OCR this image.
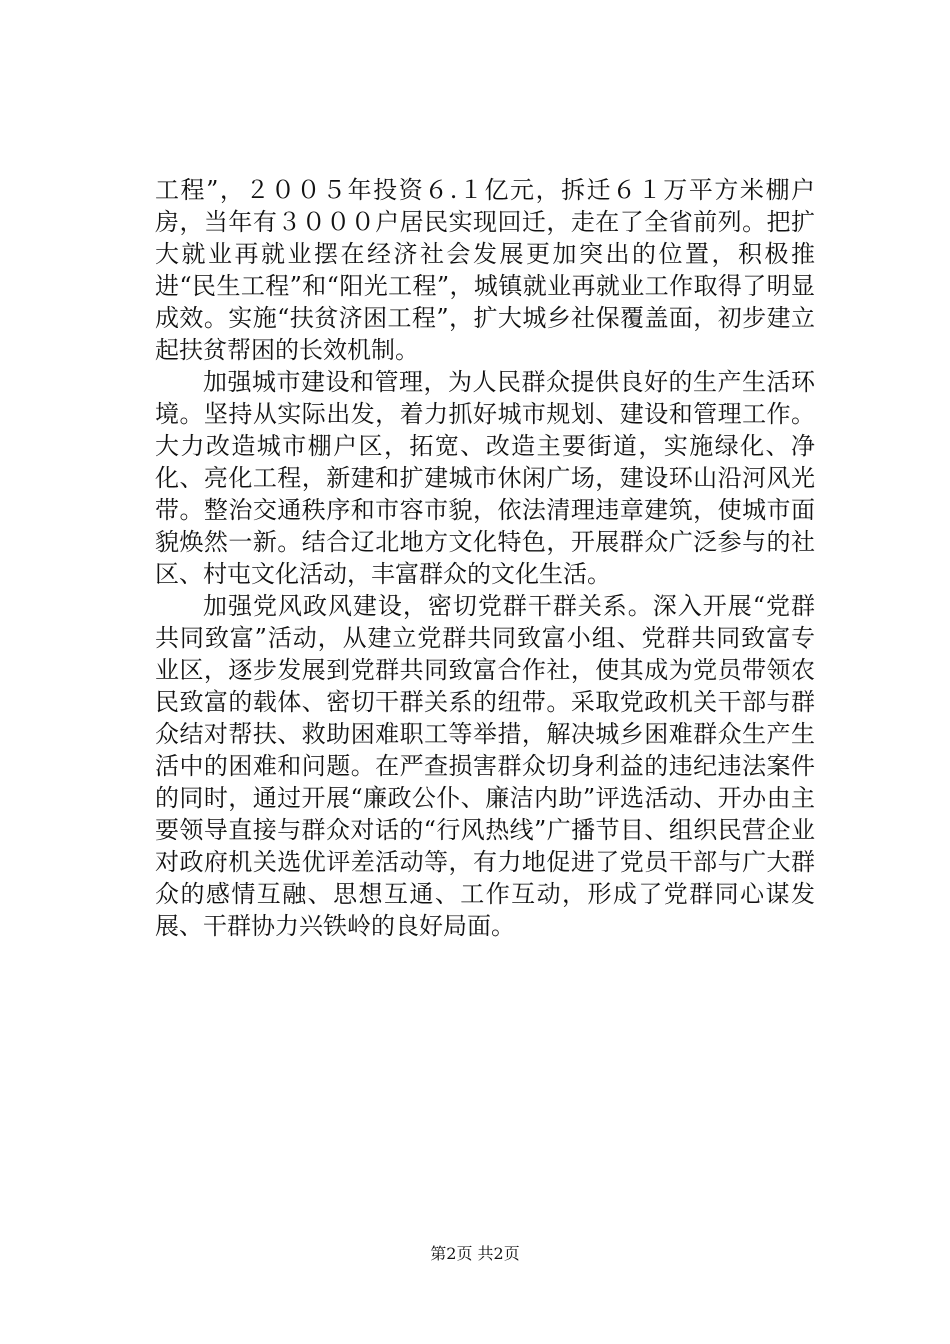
工程”，２００５年投资６.１亿元，拆迁６１万平方米棚户房，当年有３０００户居民实现回迁，走在了全省前列。把扩大就业再就业摆在经济社会发展更加突出的位置，积极推进“民生工程”和“阳光工程”，城镇就业再就业工作取得了明显成效。实施“扶贫济困工程”，扩大城乡社保覆盖面，初步建立起扶贫帮困的长效机制。

加强城市建设和管理，为人民群众提供良好的生产生活环境。坚持从实际出发，着力抓好城市规划、建设和管理工作。大力改造城市棚户区，拓宽、改造主要街道，实施绿化、净化、亮化工程，新建和扩建城市休闲广场，建设环山沿河风光带。整治交通秩序和市容市貌，依法清理违章建筑，使城市面貌焕然一新。结合辽北地方文化特色，开展群众广泛参与的社区、村屯文化活动，丰富群众的文化生活。

加强党风政风建设，密切党群干群关系。深入开展“党群共同致富”活动，从建立党群共同致富小组、党群共同致富专业区，逐步发展到党群共同致富合作社，使其成为党员带领农民致富的载体、密切干群关系的纽带。采取党政机关干部与群众结对帮扶、救助困难职工等举措，解决城乡困难群众生产生活中的困难和问题。在严查损害群众切身利益的违纪违法案件的同时，通过开展“廉政公仆、廉洁内助”评选活动、开办由主要领导直接与群众对话的“行风热线”广播节目、组织民营企业对政府机关选优评差活动等，有力地促进了党员干部与广大群众的感情互融、思想互通、工作互动，形成了党群同心谋发展、干群协力兴铁岭的良好局面。

第2页 共2页
